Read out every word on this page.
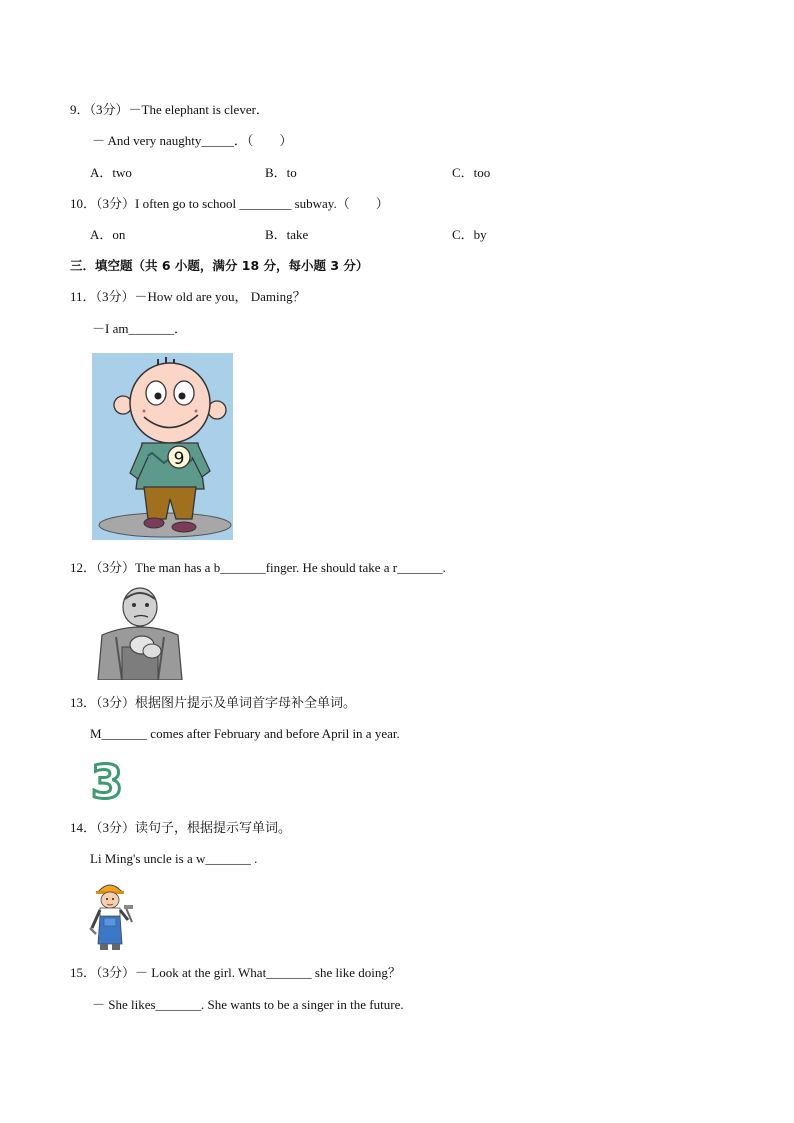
9．（3分）－The elephant is clever．
－ And very naughty_____．（　　）
A．two	B．to	C．too
10．（3分）I often go to school ________ subway.（　　）
A．on	B．take	C．by
三．填空题（共 6 小题，满分 18 分，每小题 3 分）
11．（3分）－How old are you， Daming？
－I am_______．
9
12．（3分）The man has a b_______finger. He should take a r_______.
13．（3分）根据图片提示及单词首字母补全单词。
M_______ comes after February and before April in a year.
3
14．（3分）读句子，根据提示写单词。
Li Ming's uncle is a w_______ .
15．（3分）－ Look at the girl. What_______ she like doing？
－ She likes_______. She wants to be a singer in the future.
